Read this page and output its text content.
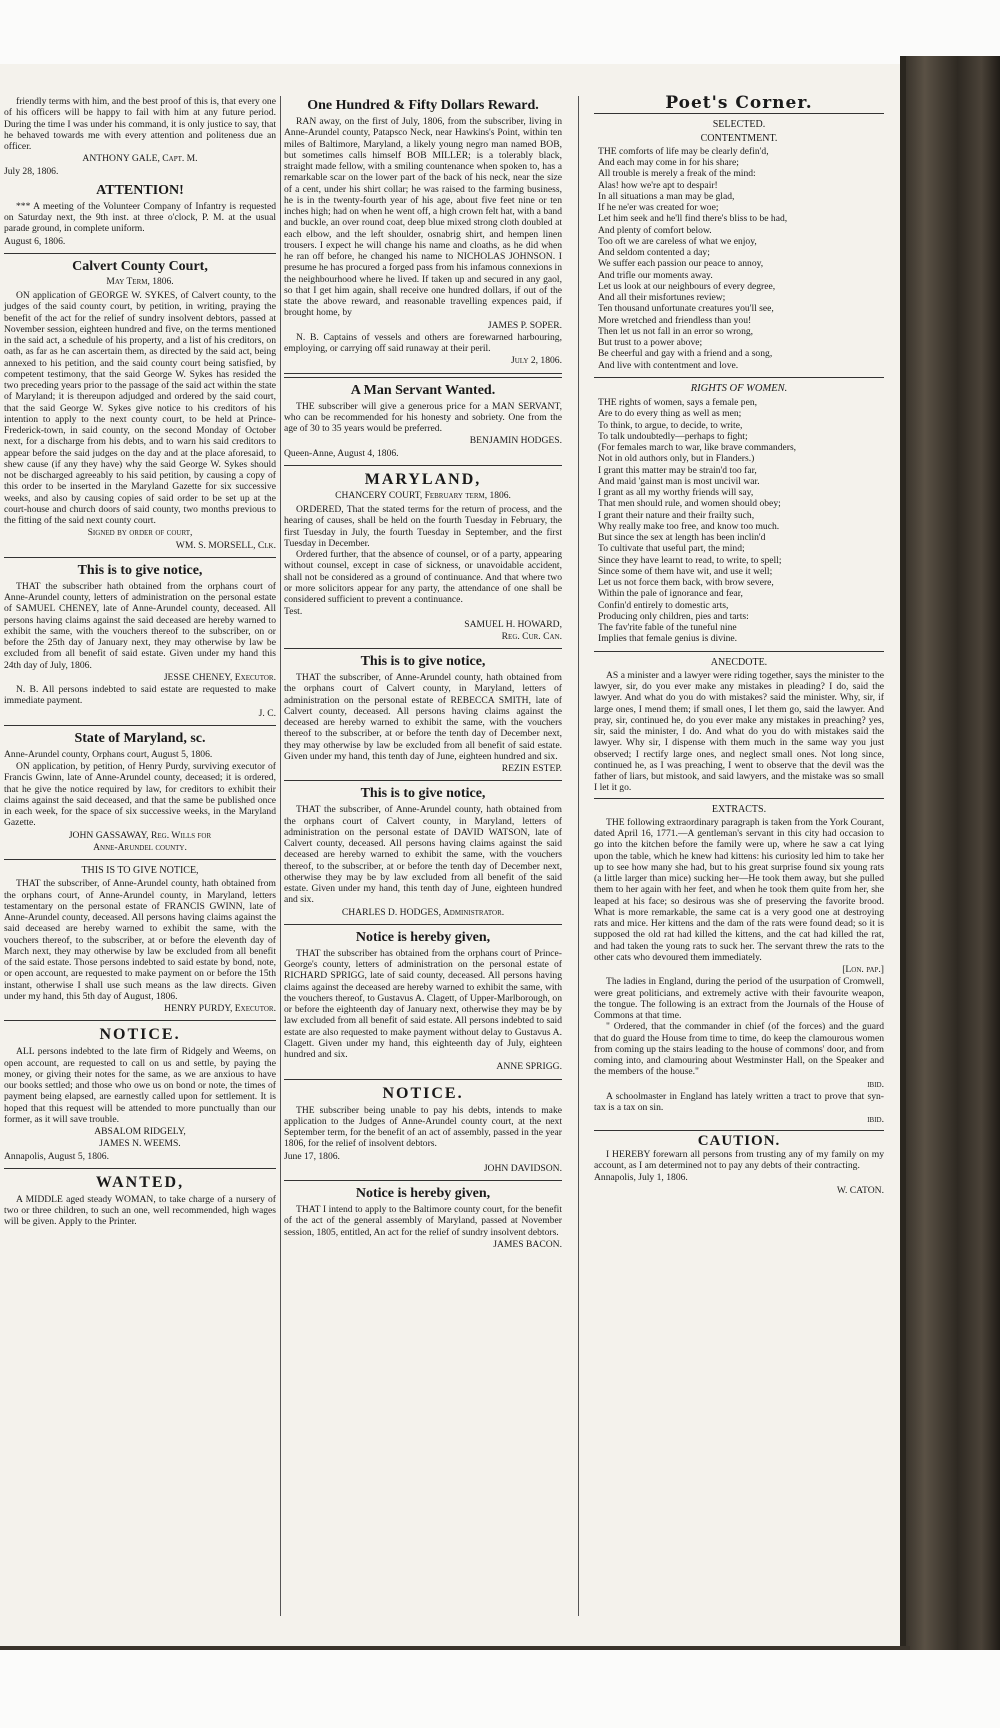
friendly terms with him, and the best proof of this is, that every one of his officers will be happy to fail with him at any future period. During the time I was under his command, it is only justice to say, that he behaved towards me with every attention and politeness due an officer.

ANTHONY GALE, Capt. M.
July 28, 1806.
ATTENTION!

*** A meeting of the Volunteer Company of Infantry is requested on Saturday next, the 9th inst. at three o'clock, P. M. at the usual parade ground, in complete uniform.

August 6, 1806.
Calvert County Court,
May Term, 1806.

ON application of GEORGE W. SYKES, of Calvert county, to the judges of the said county court, by petition, in writing, praying the benefit of the act for the relief of sundry insolvent debtors, passed at November session, eighteen hundred and five, on the terms mentioned in the said act, a schedule of his property, and a list of his creditors, on oath, as far as he can ascertain them, as directed by the said act, being annexed to his petition, and the said county court being satisfied, by competent testimony, that the said George W. Sykes has resided the two preceding years prior to the passage of the said act within the state of Maryland; it is thereupon adjudged and ordered by the said court, that the said George W. Sykes give notice to his creditors of his intention to apply to the next county court, to be held at Prince-Frederick-town, in said county, on the second Monday of October next, for a discharge from his debts, and to warn his said creditors to appear before the said judges on the day and at the place aforesaid, to shew cause (if any they have) why the said George W. Sykes should not be discharged agreeably to his said petition, by causing a copy of this order to be inserted in the Maryland Gazette for six successive weeks, and also by causing copies of said order to be set up at the court-house and church doors of said county, two months previous to the fitting of the said next county court.

Signed by order of court,
WM. S. MORSELL, Clk.
This is to give notice,

THAT the subscriber hath obtained from the orphans court of Anne-Arundel county, letters of administration on the personal estate of SAMUEL CHENEY, late of Anne-Arundel county, deceased. All persons having claims against the said deceased are hereby warned to exhibit the same, with the vouchers thereof to the subscriber, on or before the 25th day of January next, they may otherwise by law be excluded from all benefit of said estate. Given under my hand this 24th day of July, 1806.

JESSE CHENEY, Executor.

N. B. All persons indebted to said estate are requested to make immediate payment.

J. C.
State of Maryland, sc.
Anne-Arundel county, Orphans court, August 5, 1806.

ON application, by petition, of Henry Purdy, surviving executor of Francis Gwinn, late of Anne-Arundel county, deceased; it is ordered, that he give the notice required by law, for creditors to exhibit their claims against the said deceased, and that the same be published once in each week, for the space of six successive weeks, in the Maryland Gazette.

JOHN GASSAWAY, Reg. Wills for
Anne-Arundel county.
THIS IS TO GIVE NOTICE,

THAT the subscriber, of Anne-Arundel county, hath obtained from the orphans court, of Anne-Arundel county, in Maryland, letters testamentary on the personal estate of FRANCIS GWINN, late of Anne-Arundel county, deceased. All persons having claims against the said deceased are hereby warned to exhibit the same, with the vouchers thereof, to the subscriber, at or before the eleventh day of March next, they may otherwise by law be excluded from all benefit of the said estate. Those persons indebted to said estate by bond, note, or open account, are requested to make payment on or before the 15th instant, otherwise I shall use such means as the law directs. Given under my hand, this 5th day of August, 1806.

HENRY PURDY, Executor.
NOTICE.

ALL persons indebted to the late firm of Ridgely and Weems, on open account, are requested to call on us and settle, by paying the money, or giving their notes for the same, as we are anxious to have our books settled; and those who owe us on bond or note, the times of payment being elapsed, are earnestly called upon for settlement. It is hoped that this request will be attended to more punctually than our former, as it will save trouble.

ABSALOM RIDGELY,
JAMES N. WEEMS.
Annapolis, August 5, 1806.
WANTED,

A MIDDLE aged steady WOMAN, to take charge of a nursery of two or three children, to such an one, well recommended, high wages will be given. Apply to the Printer.

One Hundred & Fifty Dollars Reward.

RAN away, on the first of July, 1806, from the subscriber, living in Anne-Arundel county, Patapsco Neck, near Hawkins's Point, within ten miles of Baltimore, Maryland, a likely young negro man named BOB, but sometimes calls himself BOB MILLER; is a tolerably black, straight made fellow, with a smiling countenance when spoken to, has a remarkable scar on the lower part of the back of his neck, near the size of a cent, under his shirt collar; he was raised to the farming business, he is in the twenty-fourth year of his age, about five feet nine or ten inches high; had on when he went off, a high crown felt hat, with a band and buckle, an over round coat, deep blue mixed strong cloth doubled at each elbow, and the left shoulder, osnabrig shirt, and hempen linen trousers. I expect he will change his name and cloaths, as he did when he ran off before, he changed his name to NICHOLAS JOHNSON. I presume he has procured a forged pass from his infamous connexions in the neighbourhood where he lived. If taken up and secured in any gaol, so that I get him again, shall receive one hundred dollars, if out of the state the above reward, and reasonable travelling expences paid, if brought home, by

JAMES P. SOPER.

N. B. Captains of vessels and others are forewarned harbouring, employing, or carrying off said runaway at their peril.

July 2, 1806.
A Man Servant Wanted.

THE subscriber will give a generous price for a MAN SERVANT, who can be recommended for his honesty and sobriety. One from the age of 30 to 35 years would be preferred.

BENJAMIN HODGES.
Queen-Anne, August 4, 1806.
MARYLAND,
CHANCERY COURT, February term, 1806.

ORDERED, That the stated terms for the return of process, and the hearing of causes, shall be held on the fourth Tuesday in February, the first Tuesday in July, the fourth Tuesday in September, and the first Tuesday in December.

Ordered further, that the absence of counsel, or of a party, appearing without counsel, except in case of sickness, or unavoidable accident, shall not be considered as a ground of continuance. And that where two or more solicitors appear for any party, the attendance of one shall be considered sufficient to prevent a continuance.

Test.
SAMUEL H. HOWARD,
Reg. Cur. Can.
This is to give notice,

THAT the subscriber, of Anne-Arundel county, hath obtained from the orphans court of Calvert county, in Maryland, letters of administration on the personal estate of REBECCA SMITH, late of Calvert county, deceased. All persons having claims against the deceased are hereby warned to exhibit the same, with the vouchers thereof to the subscriber, at or before the tenth day of December next, they may otherwise by law be excluded from all benefit of said estate. Given under my hand, this tenth day of June, eighteen hundred and six.

REZIN ESTEP.
This is to give notice,

THAT the subscriber, of Anne-Arundel county, hath obtained from the orphans court of Calvert county, in Maryland, letters of administration on the personal estate of DAVID WATSON, late of Calvert county, deceased. All persons having claims against the said deceased are hereby warned to exhibit the same, with the vouchers thereof, to the subscriber, at or before the tenth day of December next, otherwise they may be by law excluded from all benefit of the said estate. Given under my hand, this tenth day of June, eighteen hundred and six.

CHARLES D. HODGES, Administrator.
Notice is hereby given,

THAT the subscriber has obtained from the orphans court of Prince-George's county, letters of administration on the personal estate of RICHARD SPRIGG, late of said county, deceased. All persons having claims against the deceased are hereby warned to exhibit the same, with the vouchers thereof, to Gustavus A. Clagett, of Upper-Marlborough, on or before the eighteenth day of January next, otherwise they may be by law excluded from all benefit of said estate. All persons indebted to said estate are also requested to make payment without delay to Gustavus A. Clagett. Given under my hand, this eighteenth day of July, eighteen hundred and six.

ANNE SPRIGG.
NOTICE.

THE subscriber being unable to pay his debts, intends to make application to the Judges of Anne-Arundel county court, at the next September term, for the benefit of an act of assembly, passed in the year 1806, for the relief of insolvent debtors.

June 17, 1806.
JOHN DAVIDSON.
Notice is hereby given,

THAT I intend to apply to the Baltimore county court, for the benefit of the act of the general assembly of Maryland, passed at November session, 1805, entitled, An act for the relief of sundry insolvent debtors.

JAMES BACON.
Poet's Corner.
SELECTED.
CONTENTMENT.
THE comforts of life may be clearly defin'd,
And each may come in for his share;
All trouble is merely a freak of the mind:
Alas! how we're apt to despair!
In all situations a man may be glad,
If he ne'er was created for woe;
Let him seek and he'll find there's bliss to be had,
And plenty of comfort below.
Too oft we are careless of what we enjoy,
And seldom contented a day;
We suffer each passion our peace to annoy,
And trifle our moments away.
Let us look at our neighbours of every degree,
And all their misfortunes review;
Ten thousand unfortunate creatures you'll see,
More wretched and friendless than you!
Then let us not fall in an error so wrong,
But trust to a power above;
Be cheerful and gay with a friend and a song,
And live with contentment and love.
RIGHTS OF WOMEN.
THE rights of women, says a female pen,
Are to do every thing as well as men;
To think, to argue, to decide, to write,
To talk undoubtedly—perhaps to fight;
(For females march to war, like brave commanders,
Not in old authors only, but in Flanders.)
I grant this matter may be strain'd too far,
And maid 'gainst man is most uncivil war.
I grant as all my worthy friends will say,
That men should rule, and women should obey;
I grant their nature and their frailty such,
Why really make too free, and know too much.
But since the sex at length has been inclin'd
To cultivate that useful part, the mind;
Since they have learnt to read, to write, to spell;
Since some of them have wit, and use it well;
Let us not force them back, with brow severe,
Within the pale of ignorance and fear,
Confin'd entirely to domestic arts,
Producing only children, pies and tarts:
The fav'rite fable of the tuneful nine
Implies that female genius is divine.
ANECDOTE.

AS a minister and a lawyer were riding together, says the minister to the lawyer, sir, do you ever make any mistakes in pleading? I do, said the lawyer. And what do you do with mistakes? said the minister. Why, sir, if large ones, I mend them; if small ones, I let them go, said the lawyer. And pray, sir, continued he, do you ever make any mistakes in preaching? yes, sir, said the minister, I do. And what do you do with mistakes said the lawyer. Why sir, I dispense with them much in the same way you just observed; I rectify large ones, and neglect small ones. Not long since, continued he, as I was preaching, I went to observe that the devil was the father of liars, but mistook, and said lawyers, and the mistake was so small I let it go.

EXTRACTS.

THE following extraordinary paragraph is taken from the York Courant, dated April 16, 1771.—A gentleman's servant in this city had occasion to go into the kitchen before the family were up, where he saw a cat lying upon the table, which he knew had kittens: his curiosity led him to take her up to see how many she had, but to his great surprise found six young rats (a little larger than mice) sucking her—He took them away, but she pulled them to her again with her feet, and when he took them quite from her, she leaped at his face; so desirous was she of preserving the favorite brood. What is more remarkable, the same cat is a very good one at destroying rats and mice. Her kittens and the dam of the rats were found dead; so it is supposed the old rat had killed the kittens, and the cat had killed the rat, and had taken the young rats to suck her. The servant threw the rats to the other cats who devoured them immediately.

[Lon. pap.]

The ladies in England, during the period of the usurpation of Cromwell, were great politicians, and extremely active with their favourite weapon, the tongue. The following is an extract from the Journals of the House of Commons at that time.

" Ordered, that the commander in chief (of the forces) and the guard that do guard the House from time to time, do keep the clamourous women from coming up the stairs leading to the house of commons' door, and from coming into, and clamouring about Westminster Hall, on the Speaker and the members of the house."

ibid.

A schoolmaster in England has lately written a tract to prove that syn-tax is a tax on sin.

ibid.
CAUTION.

I HEREBY forewarn all persons from trusting any of my family on my account, as I am determined not to pay any debts of their contracting.

Annapolis, July 1, 1806.
W. CATON.
